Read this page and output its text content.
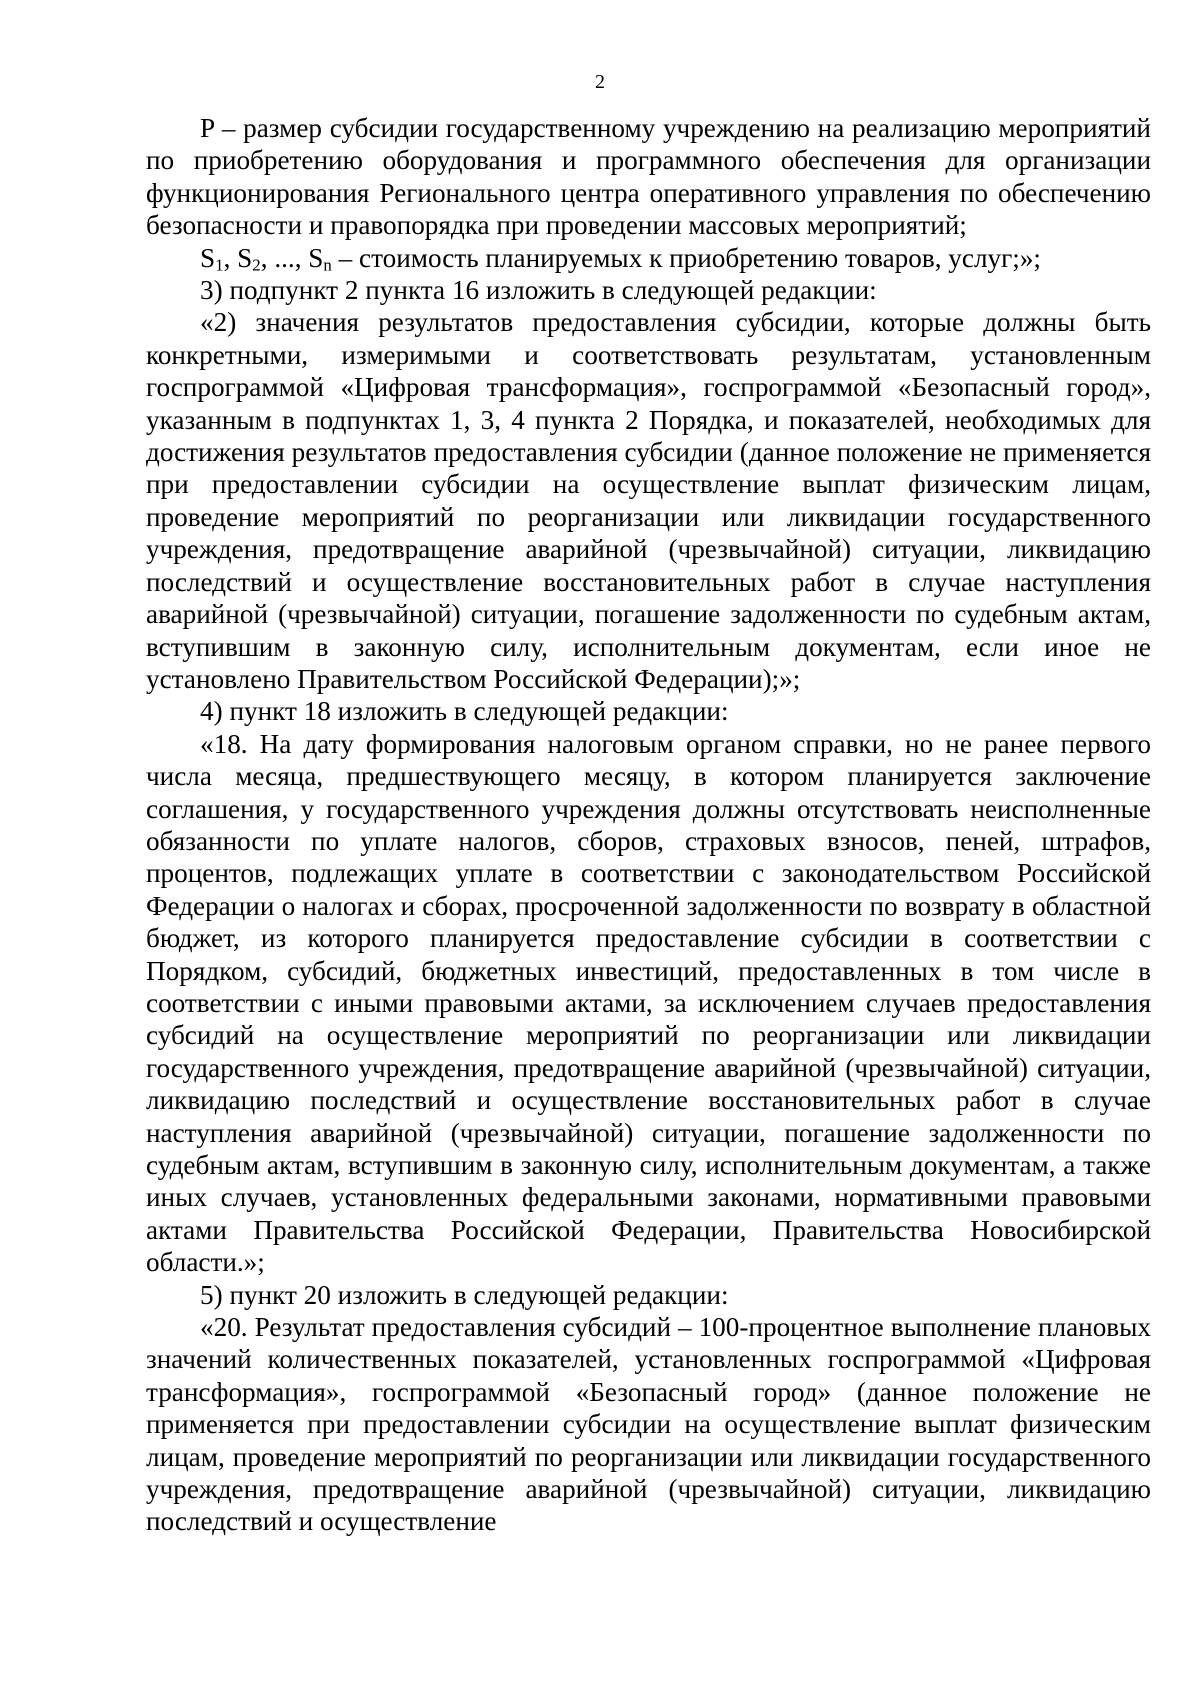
2

P – размер субсидии государственному учреждению на реализацию мероприятий по приобретению оборудования и программного обеспечения для организации функционирования Регионального центра оперативного управления по обеспечению безопасности и правопорядка при проведении массовых мероприятий;

$S_1$, $S_2$, ..., $S_n$ – стоимость планируемых к приобретению товаров, услуг;»;

3) подпункт 2 пункта 16 изложить в следующей редакции:

«2) значения результатов предоставления субсидии, которые должны быть конкретными, измеримыми и соответствовать результатам, установленным госпрограммой «Цифровая трансформация», госпрограммой «Безопасный город», указанным в подпунктах 1, 3, 4 пункта 2 Порядка, и показателей, необходимых для достижения результатов предоставления субсидии (данное положение не применяется при предоставлении субсидии на осуществление выплат физическим лицам, проведение мероприятий по реорганизации или ликвидации государственного учреждения, предотвращение аварийной (чрезвычайной) ситуации, ликвидацию последствий и осуществление восстановительных работ в случае наступления аварийной (чрезвычайной) ситуации, погашение задолженности по судебным актам, вступившим в законную силу, исполнительным документам, если иное не установлено Правительством Российской Федерации);»;

4) пункт 18 изложить в следующей редакции:

«18. На дату формирования налоговым органом справки, но не ранее первого числа месяца, предшествующего месяцу, в котором планируется заключение соглашения, у государственного учреждения должны отсутствовать неисполненные обязанности по уплате налогов, сборов, страховых взносов, пеней, штрафов, процентов, подлежащих уплате в соответствии с законодательством Российской Федерации о налогах и сборах, просроченной задолженности по возврату в областной бюджет, из которого планируется предоставление субсидии в соответствии с Порядком, субсидий, бюджетных инвестиций, предоставленных в том числе в соответствии с иными правовыми актами, за исключением случаев предоставления субсидий на осуществление мероприятий по реорганизации или ликвидации государственного учреждения, предотвращение аварийной (чрезвычайной) ситуации, ликвидацию последствий и осуществление восстановительных работ в случае наступления аварийной (чрезвычайной) ситуации, погашение задолженности по судебным актам, вступившим в законную силу, исполнительным документам, а также иных случаев, установленных федеральными законами, нормативными правовыми актами Правительства Российской Федерации, Правительства Новосибирской области.»;

5) пункт 20 изложить в следующей редакции:

«20. Результат предоставления субсидий – 100-процентное выполнение плановых значений количественных показателей, установленных госпрограммой «Цифровая трансформация», госпрограммой «Безопасный город» (данное положение не применяется при предоставлении субсидии на осуществление выплат физическим лицам, проведение мероприятий по реорганизации или ликвидации государственного учреждения, предотвращение аварийной (чрезвычайной) ситуации, ликвидацию последствий и осуществление
